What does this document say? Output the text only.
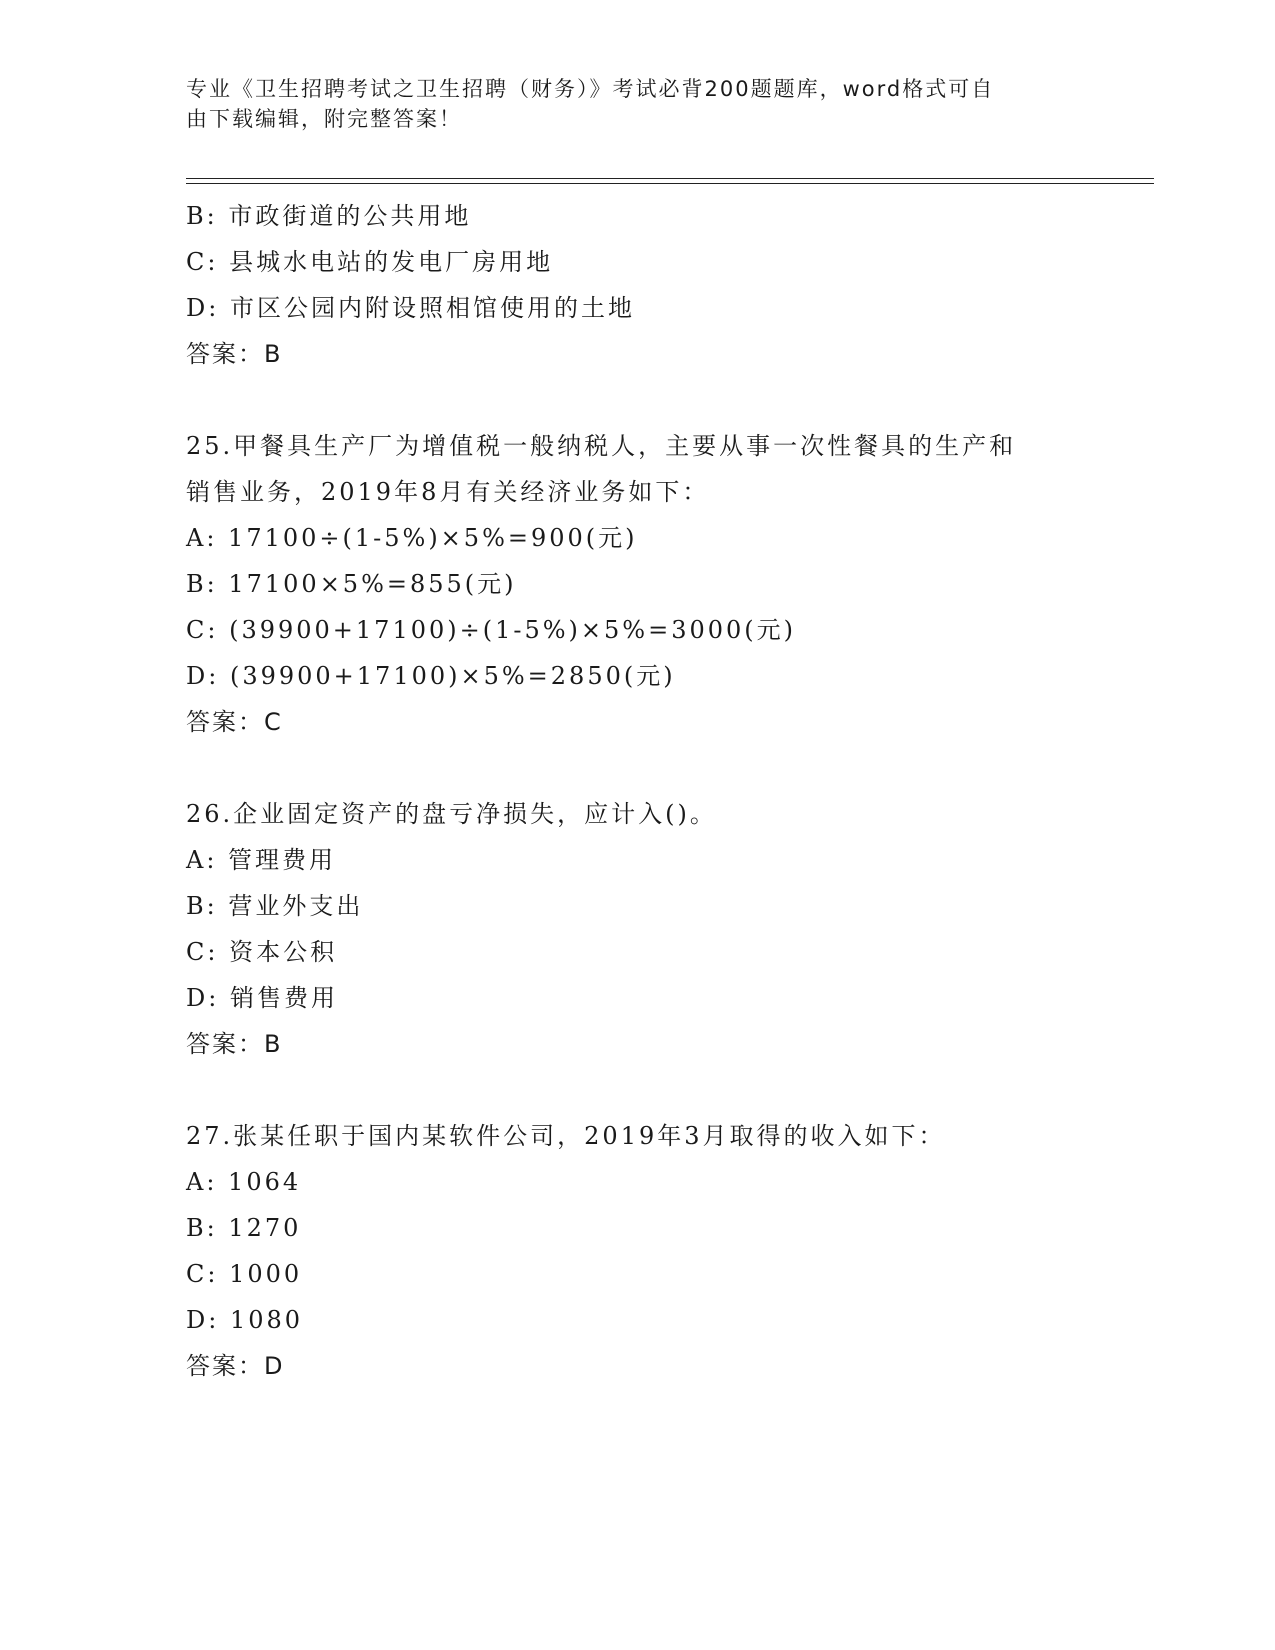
专业《卫生招聘考试之卫生招聘（财务）》考试必背200题题库，word格式可自
由下载编辑，附完整答案！
B: 市政街道的公共用地
C: 县城水电站的发电厂房用地
D: 市区公园内附设照相馆使用的土地
答案：B
25.甲餐具生产厂为增值税一般纳税人，主要从事一次性餐具的生产和
销售业务，2019年8月有关经济业务如下：
A: 17100÷(1-5%)×5%=900(元)
B: 17100×5%=855(元)
C: (39900+17100)÷(1-5%)×5%=3000(元)
D: (39900+17100)×5%=2850(元)
答案：C
26.企业固定资产的盘亏净损失，应计入()。
A: 管理费用
B: 营业外支出
C: 资本公积
D: 销售费用
答案：B
27.张某任职于国内某软件公司，2019年3月取得的收入如下：
A: 1064
B: 1270
C: 1000
D: 1080
答案：D
